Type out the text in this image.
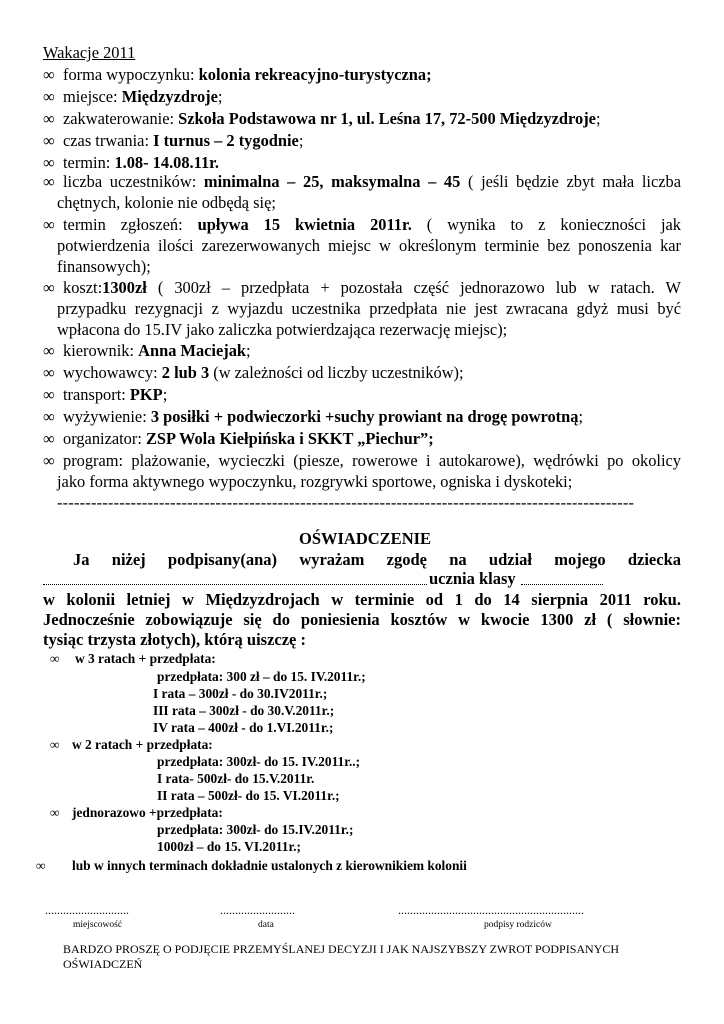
Wakacje 2011
∞ forma wypoczynku: kolonia rekreacyjno-turystyczna;
∞ miejsce: Międzyzdroje;
∞ zakwaterowanie: Szkoła Podstawowa nr 1, ul. Leśna 17, 72-500 Międzyzdroje;
∞ czas trwania: I turnus – 2 tygodnie;
∞ termin: 1.08- 14.08.11r.
∞ liczba uczestników: minimalna – 25, maksymalna – 45 ( jeśli będzie zbyt mała liczba
chętnych, kolonie nie odbędą się;
∞ termin zgłoszeń: upływa 15 kwietnia 2011r. ( wynika to z konieczności jak
potwierdzenia ilości zarezerwowanych miejsc w określonym terminie bez ponoszenia kar
finansowych);
∞ koszt:1300zł ( 300zł – przedpłata + pozostała część jednorazowo lub w ratach. W
przypadku rezygnacji z wyjazdu uczestnika przedpłata nie jest zwracana gdyż musi być
wpłacona do 15.IV jako zaliczka potwierdzająca rezerwację miejsc);
∞ kierownik: Anna Maciejak;
∞ wychowawcy: 2 lub 3 (w zależności od liczby uczestników);
∞ transport: PKP;
∞ wyżywienie: 3 posiłki + podwieczorki +suchy prowiant na drogę powrotną;
∞ organizator: ZSP Wola Kiełpińska i SKKT „Piechur”;
∞ program: plażowanie, wycieczki (piesze, rowerowe i autokarowe), wędrówki po okolicy
jako forma aktywnego wypoczynku, rozgrywki sportowe, ogniska i dyskoteki;
------------------------------------------------------------------------------------------------------
OŚWIADCZENIE
Ja niżej podpisany(ana) wyrażam zgodę na udział mojego dziecka
ucznia klasy
w kolonii letniej w Międzyzdrojach w terminie od 1 do 14 sierpnia 2011 roku.
Jednocześnie zobowiązuje się do poniesienia kosztów w kwocie 1300 zł ( słownie:
tysiąc trzysta złotych), którą uiszczę :
∞ w 3 ratach + przedpłata:
przedpłata: 300 zł – do 15. IV.2011r.;
I rata – 300zł - do 30.IV2011r.;
III rata – 300zł - do 30.V.2011r.;
IV rata – 400zł - do 1.VI.2011r.;
∞ w 2 ratach + przedpłata:
przedpłata: 300zł- do 15. IV.2011r..;
I rata- 500zł- do 15.V.2011r.
II rata – 500zł- do 15. VI.2011r.;
∞ jednorazowo +przedpłata:
przedpłata: 300zł- do 15.IV.2011r.;
1000zł – do 15. VI.2011r.;
∞ lub w innych terminach dokładnie ustalonych z kierownikiem kolonii
............................	.........................	..............................................................
miejscowość	data	podpisy rodziców
BARDZO PROSZĘ O PODJĘCIE PRZEMYŚLANEJ DECYZJI I JAK NAJSZYBSZY ZWROT PODPISANYCH
OŚWIADCZEŃ
